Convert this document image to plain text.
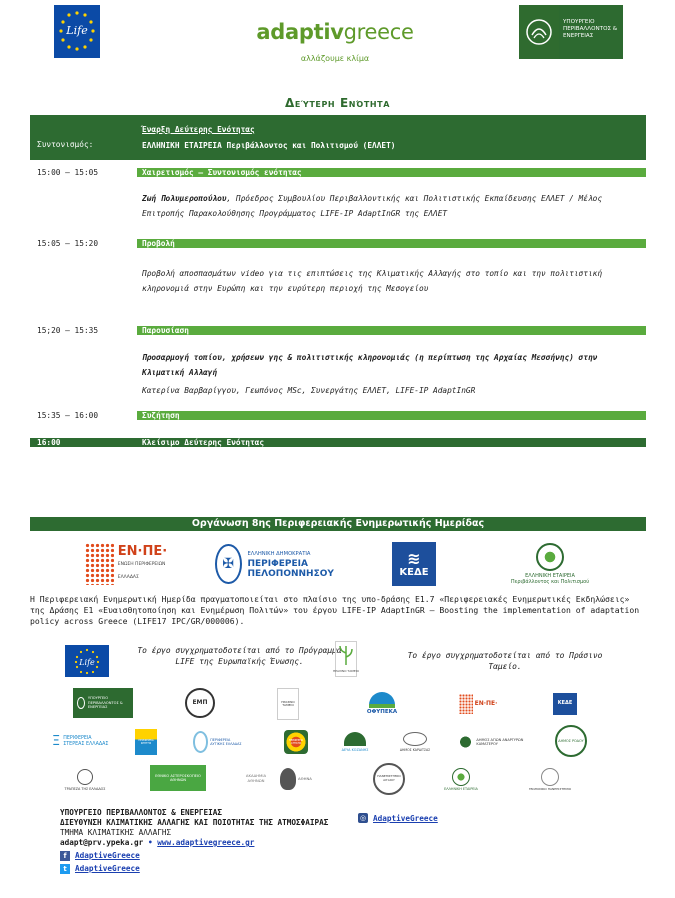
Life	adaptivgreece
αλλάζουμε κλίμα
ΥΠΟΥΡΓΕΙΟ ΠΕΡΙΒΑΛΛΟΝΤΟΣ & ΕΝΕΡΓΕΙΑΣ
Δεύτερη Ενότητα
Συντονισμός:
Έναρξη Δεύτερης Ενότητας
ΕΛΛΗΝΙΚΗ ΕΤΑΙΡΕΙΑ Περιβάλλοντος και Πολιτισμού (ΕΛΛΕΤ)
15:00 – 15:05	Χαιρετισμός – Συντονισμός ενότητας
Ζωή Πολυμεροπούλου, Πρόεδρος Συμβουλίου Περιβαλλοντικής και Πολιτιστικής Εκπαίδευσης ΕΛΛΕΤ / Μέλος Επιτροπής Παρακολούθησης Προγράμματος LIFE-IP AdaptInGR της ΕΛΛΕΤ
15:05 – 15:20	Προβολή
Προβολή αποσπασμάτων video για τις επιπτώσεις της Κλιματικής Αλλαγής στο τοπίο και την πολιτιστική κληρονομιά στην Ευρώπη και την ευρύτερη περιοχή της Μεσογείου
15;20 – 15:35	Παρουσίαση
Προσαρμογή τοπίου, χρήσεων γης & πολιτιστικής κληρονομιάς (η περίπτωση της Αρχαίας Μεσσήνης) στην Κλιματική Αλλαγή
Κατερίνα Βαρβαρίγγου, Γεωπόνος MSc, Συνεργάτης ΕΛΛΕΤ, LIFE-IP AdaptInGR
15:35 – 16:00	Συζήτηση
16:00	Κλείσιμο Δεύτερης Ενότητας
Οργάνωση 8ης Περιφερειακής Ενημερωτικής Ημερίδας
ΕΝ·ΠΕ·
ΕΝΩΣΗ ΠΕΡΙΦΕΡΕΙΩΝ ΕΛΛΑΔΑΣ
✠
ΕΛΛΗΝΙΚΗ ΔΗΜΟΚΡΑΤΙΑ
ΠΕΡΙΦΕΡΕΙΑ ΠΕΛΟΠΟΝΝΗΣΟΥ
≋
ΚΕΔΕ	ΕΛΛΗΝΙΚΗ ΕΤΑΙΡΕΙΑ Περιβάλλοντος και Πολιτισμού
Η Περιφερειακή Ενημερωτική Ημερίδα πραγματοποιείται στο πλαίσιο της υπο-δράσης Ε1.7 «Περιφερειακές Ενημερωτικές Εκδηλώσεις» της Δράσης Ε1 «Ευαισθητοποίηση και Ενημέρωση Πολιτών» του έργου LIFE-IP AdaptInGR – Boosting the implementation of adaptation policy across Greece (LIFE17 IPC/GR/000006).
Life
Το έργο συγχρηματοδοτείται από το Πρόγραμμα LIFE της Ευρωπαϊκής Ένωσης.
ΠΡΑΣΙΝΟ ΤΑΜΕΙΟ
Το έργο συγχρηματοδοτείται από το Πράσινο Ταμείο.
ΥΠΟΥΡΓΕΙΟ ΠΕΡΙΒΑΛΛΟΝΤΟΣ & ΕΝΕΡΓΕΙΑΣ
ΕΜΠ	ΠΡΑΣΙΝΟ ΤΑΜΕΙΟ
ΟΦΥΠΕΚΑ
ΕΝ·ΠΕ·	ΚΕΔΕ
Ξ ΠΕΡΙΦΕΡΕΙΑ ΣΤΕΡΕΑΣ ΕΛΛΑΔΑΣ
ΠΕΡΙΦΕΡΕΙΑ ΚΡΗΤΗΣ
ΠΕΡΙΦΕΡΕΙΑ ΔΥΤΙΚΗΣ ΕΛΛΑΔΑΣ
ΠΕΡΙΦΕΡΕΙΑ ΑΤΤΙΚΗΣ
ΔΕΥΑ ΚΟΖΑΝΗΣ	ΔΗΜΟΣ ΚΑΡΔΙΤΣΑΣ
ΔΗΜΟΣ ΑΓΙΩΝ ΑΝΑΡΓΥΡΩΝ ΚΑΜΑΤΕΡΟΥ
ΔΗΜΟΣ ΡΟΔΟΥ
ΤΡΑΠΕΖΑ ΤΗΣ ΕΛΛΑΔΟΣ
ΕΘΝΙΚΟ ΑΣΤΕΡΟΣΚΟΠΕΙΟ ΑΘΗΝΩΝ
ΑΚΑΔΗΜΙΑ ΑΘΗΝΩΝ	ΑΘΗΝΑ	ΠΑΝΕΠΙΣΤΗΜΙΟ ΑΙΓΑΙΟΥ
ΕΛΛΗΝΙΚΗ ΕΤΑΙΡΕΙΑ	ΓΕΩΠΟΝΙΚΟ ΠΑΝΕΠΙΣΤΗΜΙΟ
ΥΠΟΥΡΓΕΙΟ ΠΕΡΙΒΑΛΛΟΝΤΟΣ & ΕΝΕΡΓΕΙΑΣ
ΔΙΕΥΘΥΝΣΗ ΚΛΙΜΑΤΙΚΗΣ ΑΛΛΑΓΗΣ ΚΑΙ ΠΟΙΟΤΗΤΑΣ ΤΗΣ ΑΤΜΟΣΦΑΙΡΑΣ
ΤΜΗΜΑ ΚΛΙΜΑΤΙΚΗΣ ΑΛΛΑΓΗΣ
adapt@prv.ypeka.gr • www.adaptivegreece.gr
f	AdaptiveGreece
t	AdaptiveGreece
◎ AdaptiveGreece
